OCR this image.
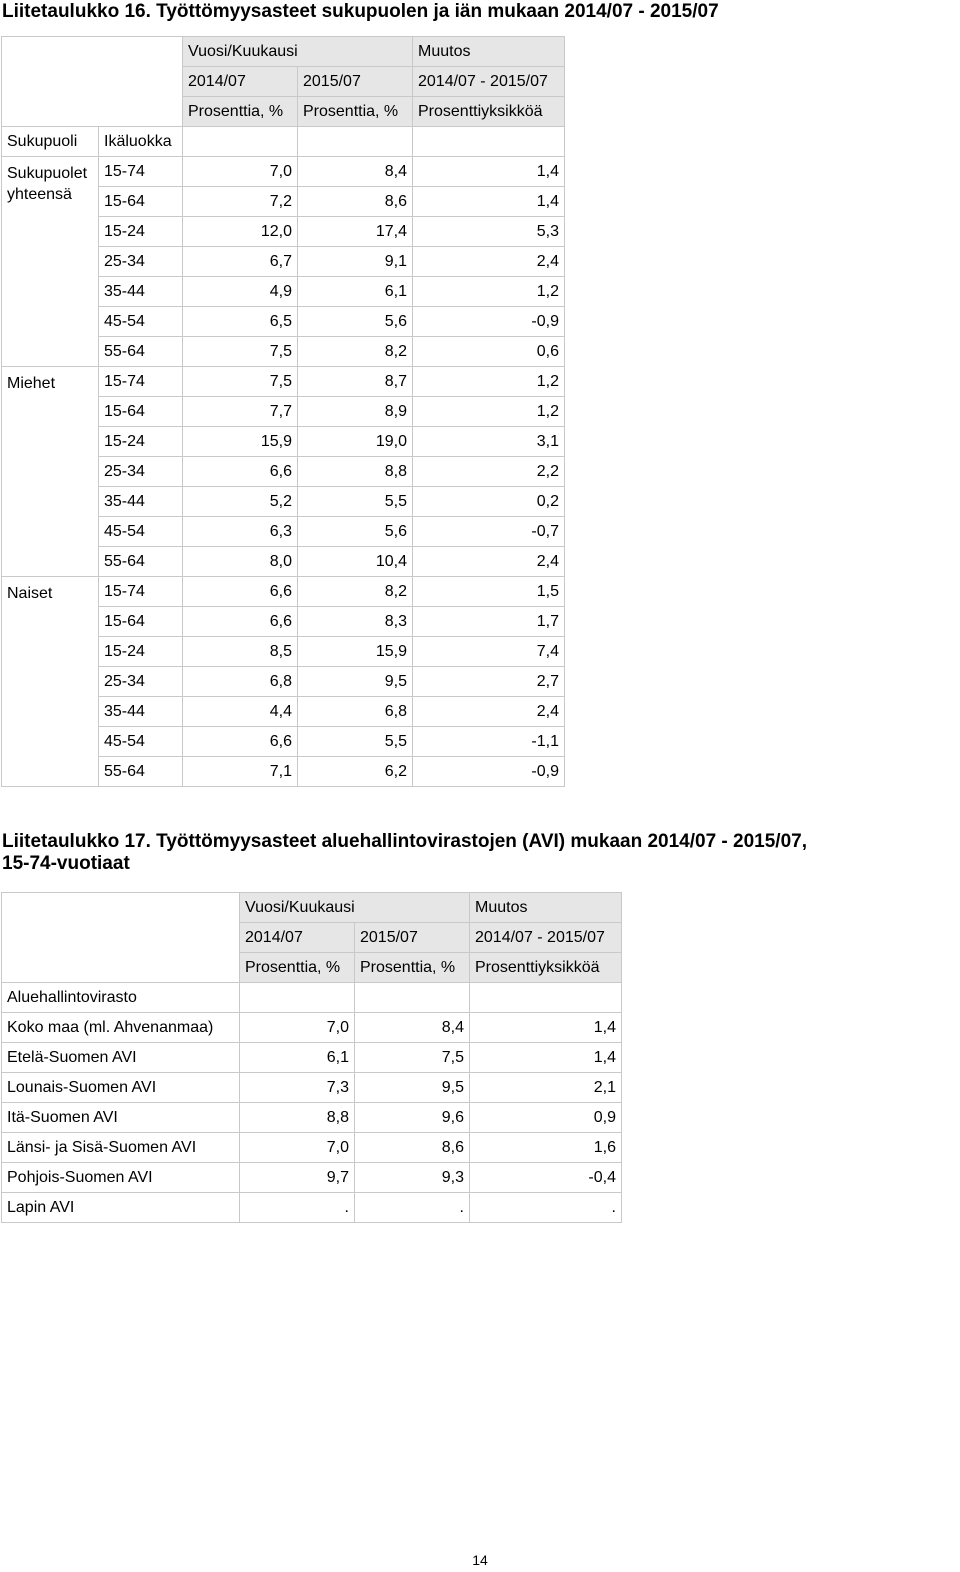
Liitetaulukko 16. Työttömyysasteet sukupuolen ja iän mukaan 2014/07 - 2015/07
		Vuosi/Kuukausi		Muutos
		2014/07	2015/07	2014/07 - 2015/07
		Prosenttia, %	Prosenttia, %	Prosenttiyksikköä
Sukupuoli	Ikäluokka			
Sukupuolet yhteensä	15-74	7,0	8,4	1,4
	15-64	7,2	8,6	1,4
	15-24	12,0	17,4	5,3
	25-34	6,7	9,1	2,4
	35-44	4,9	6,1	1,2
	45-54	6,5	5,6	-0,9
	55-64	7,5	8,2	0,6
Miehet	15-74	7,5	8,7	1,2
	15-64	7,7	8,9	1,2
	15-24	15,9	19,0	3,1
	25-34	6,6	8,8	2,2
	35-44	5,2	5,5	0,2
	45-54	6,3	5,6	-0,7
	55-64	8,0	10,4	2,4
Naiset	15-74	6,6	8,2	1,5
	15-64	6,6	8,3	1,7
	15-24	8,5	15,9	7,4
	25-34	6,8	9,5	2,7
	35-44	4,4	6,8	2,4
	45-54	6,6	5,5	-1,1
	55-64	7,1	6,2	-0,9
Liitetaulukko 17. Työttömyysasteet aluehallintovirastojen (AVI) mukaan 2014/07 - 2015/07,
15-74-vuotiaat
	Vuosi/Kuukausi		Muutos
	2014/07	2015/07	2014/07 - 2015/07
	Prosenttia, %	Prosenttia, %	Prosenttiyksikköä
Aluehallintovirasto			
Koko maa (ml. Ahvenanmaa)	7,0	8,4	1,4
Etelä-Suomen AVI	6,1	7,5	1,4
Lounais-Suomen AVI	7,3	9,5	2,1
Itä-Suomen AVI	8,8	9,6	0,9
Länsi- ja Sisä-Suomen AVI	7,0	8,6	1,6
Pohjois-Suomen AVI	9,7	9,3	-0,4
Lapin AVI	.	.	.
14
